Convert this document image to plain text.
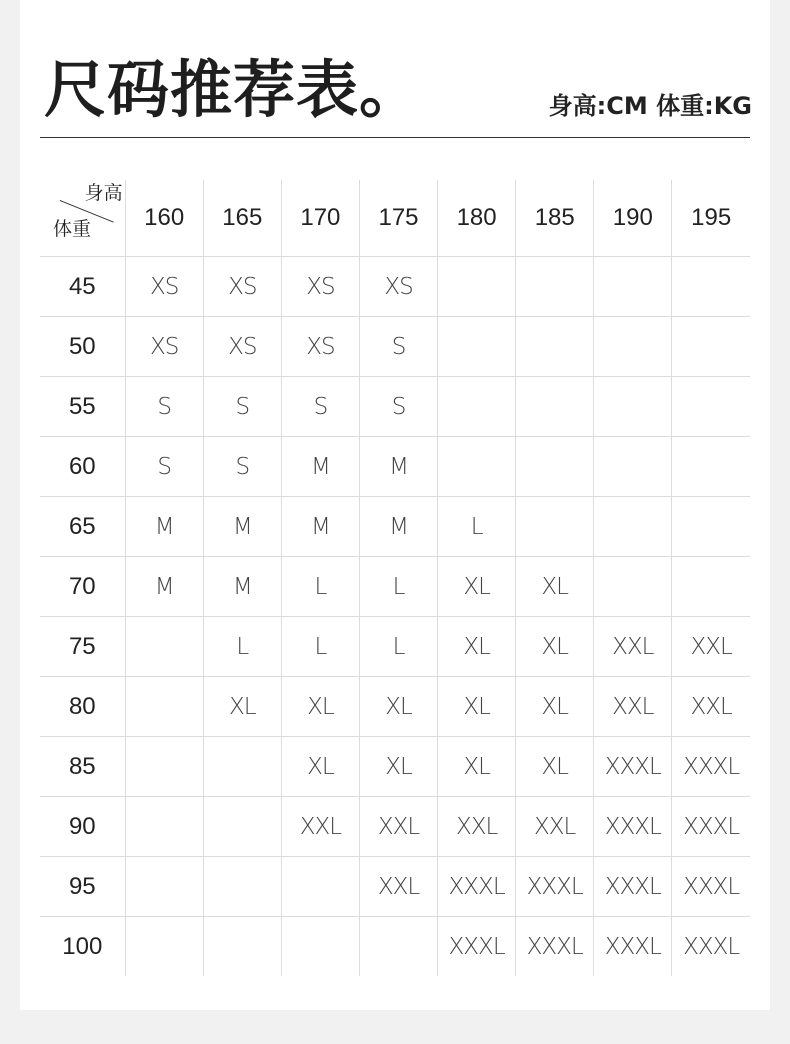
尺码推荐表。	身高:CM 体重:KG
身高
体重	160	165	170	175	180	185	190	195
45	XS	XS	XS	XS				
50	XS	XS	XS	S				
55	S	S	S	S				
60	S	S	M	M				
65	M	M	M	M	L			
70	M	M	L	L	XL	XL		
75		L	L	L	XL	XL	XXL	XXL
80		XL	XL	XL	XL	XL	XXL	XXL
85			XL	XL	XL	XL	XXXL	XXXL
90			XXL	XXL	XXL	XXL	XXXL	XXXL
95				XXL	XXXL	XXXL	XXXL	XXXL
100					XXXL	XXXL	XXXL	XXXL
